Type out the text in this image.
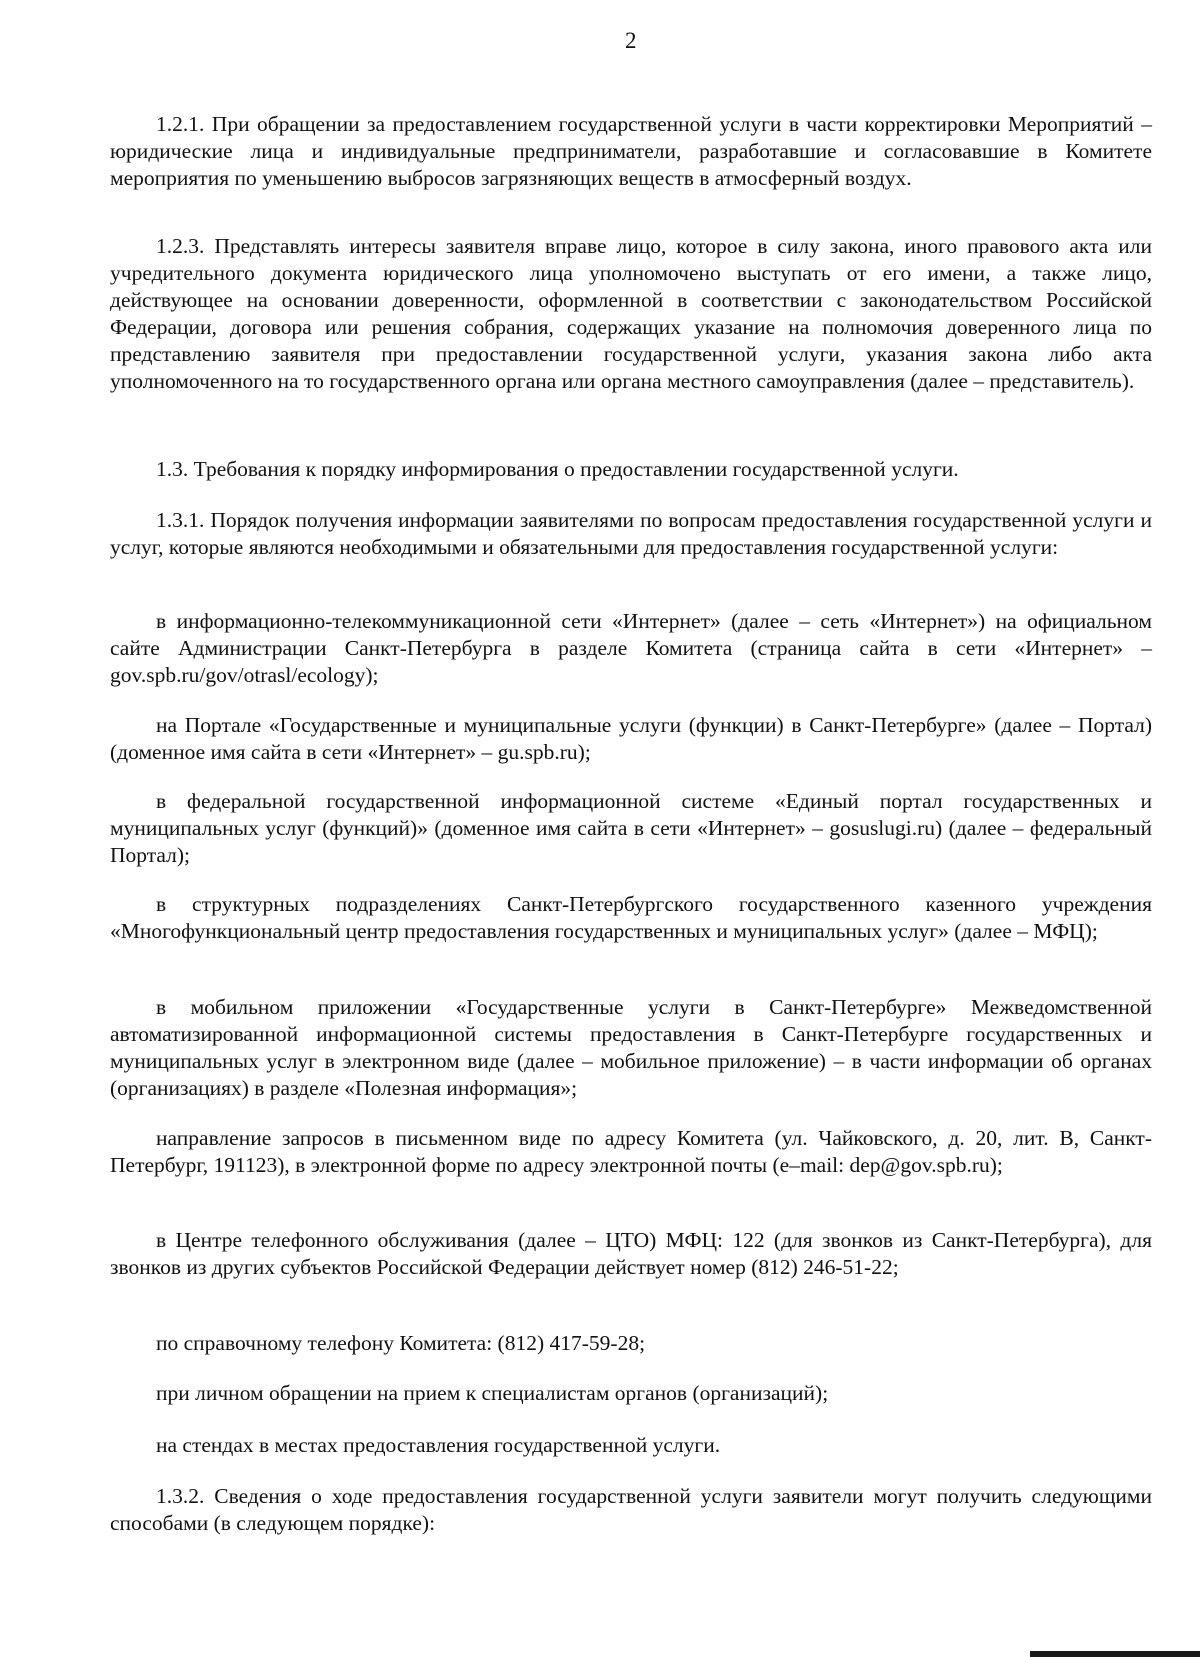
2

1.2.1. При обращении за предоставлением государственной услуги в части корректировки Мероприятий – юридические лица и индивидуальные предприниматели, разработавшие и согласовавшие в Комитете мероприятия по уменьшению выбросов загрязняющих веществ в атмосферный воздух.

1.2.3. Представлять интересы заявителя вправе лицо, которое в силу закона, иного правового акта или учредительного документа юридического лица уполномочено выступать от его имени, а также лицо, действующее на основании доверенности, оформленной в соответствии с законодательством Российской Федерации, договора или решения собрания, содержащих указание на полномочия доверенного лица по представлению заявителя при предоставлении государственной услуги, указания закона либо акта уполномоченного на то государственного органа или органа местного самоуправления (далее – представитель).

1.3. Требования к порядку информирования о предоставлении государственной услуги.

1.3.1. Порядок получения информации заявителями по вопросам предоставления государственной услуги и услуг, которые являются необходимыми и обязательными для предоставления государственной услуги:

в информационно-телекоммуникационной сети «Интернет» (далее – сеть «Интернет») на официальном сайте Администрации Санкт-Петербурга в разделе Комитета (страница сайта в сети «Интернет» – gov.spb.ru/gov/otrasl/ecology);

на Портале «Государственные и муниципальные услуги (функции) в Санкт-Петербурге» (далее – Портал) (доменное имя сайта в сети «Интернет» – gu.spb.ru);

в федеральной государственной информационной системе «Единый портал государственных и муниципальных услуг (функций)» (доменное имя сайта в сети «Интернет» – gosuslugi.ru) (далее – федеральный Портал);

в структурных подразделениях Санкт-Петербургского государственного казенного учреждения «Многофункциональный центр предоставления государственных и муниципальных услуг» (далее – МФЦ);

в мобильном приложении «Государственные услуги в Санкт-Петербурге» Межведомственной автоматизированной информационной системы предоставления в Санкт-Петербурге государственных и муниципальных услуг в электронном виде (далее – мобильное приложение) – в части информации об органах (организациях) в разделе «Полезная информация»;

направление запросов в письменном виде по адресу Комитета (ул. Чайковского, д. 20, лит. В, Санкт-Петербург, 191123), в электронной форме по адресу электронной почты (e–mail: dep@gov.spb.ru);

в Центре телефонного обслуживания (далее – ЦТО) МФЦ: 122 (для звонков из Санкт-Петербурга), для звонков из других субъектов Российской Федерации действует номер (812) 246-51-22;

по справочному телефону Комитета: (812) 417-59-28;

при личном обращении на прием к специалистам органов (организаций);

на стендах в местах предоставления государственной услуги.

1.3.2. Сведения о ходе предоставления государственной услуги заявители могут получить следующими способами (в следующем порядке):
